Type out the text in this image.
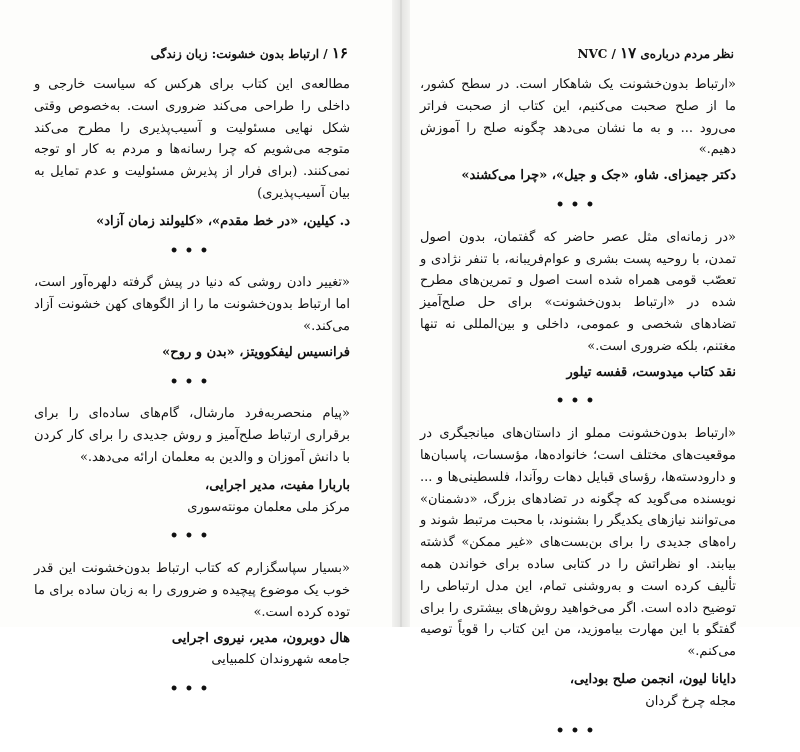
۱۶ / ارتباط بدون خشونت: زبان زندگی

مطالعه‌ی این کتاب برای هرکس که سیاست خارجی و داخلی را طراحی می‌کند ضروری است. به‌خصوص وقتی شکل نهایی مسئولیت و آسیب‌پذیری را مطرح می‌کند متوجه می‌شویم که چرا رسانه‌ها و مردم به کار او توجه نمی‌کنند. (برای فرار از پذیرش مسئولیت و عدم تمایل به بیان آسیب‌پذیری)

د. کیلین، «در خط مقدم»، «کلیولند زمان آزاد»

•••

«تغییر دادن روشی که دنیا در پیش گرفته دلهره‌آور است، اما ارتباط بدون‌خشونت ما را از الگوهای کهن خشونت آزاد می‌کند.»

فرانسیس لیفکوویتز، «بدن و روح»

•••

«پیام منحصربه‌فرد مارشال، گام‌های ساده‌ای را برای برقراری ارتباط صلح‌آمیز و روش جدیدی را برای کار کردن با دانش آموزان و والدین به معلمان ارائه می‌دهد.»

باربارا مفیت، مدیر اجرایی،

مرکز ملی معلمان مونته‌سوری

•••

«بسیار سپاسگزارم که کتاب ارتباط بدون‌خشونت این قدر خوب یک موضوع پیچیده و ضروری را به زبان ساده برای ما توده کرده است.»

هال دوبرون، مدیر، نیروی اجرایی

جامعه شهروندان کلمبیایی

•••
نظر مردم درباره‌ی NVC / ۱۷

«ارتباط بدون‌خشونت یک شاهکار است. در سطح کشور، ما از صلح صحبت می‌کنیم، این کتاب از صحبت فراتر می‌رود ... و به ما نشان می‌دهد چگونه صلح را آموزش دهیم.»

دکتر جیمزای. شاو، «جک و جیل»، «چرا می‌کشند»

•••

«در زمانه‌ای مثل عصر حاضر که گفتمان، بدون اصول تمدن، با روحیه پست بشری و عوام‌فریبانه، با تنفر نژادی و تعصّب قومی همراه شده است اصول و تمرین‌های مطرح شده در «ارتباط بدون‌خشونت» برای حل صلح‌آمیز تضادهای شخصی و عمومی، داخلی و بین‌المللی نه تنها مغتنم، بلکه ضروری است.»

نقد کتاب میدوست، قفسه تیلور

•••

«ارتباط بدون‌خشونت مملو از داستان‌های میانجیگری در موقعیت‌های مختلف است؛ خانواده‌ها، مؤسسات، پاسبان‌ها و دارودسته‌ها، رؤسای قبایل دهات روآندا، فلسطینی‌ها و ... نویسنده می‌گوید که چگونه در تضادهای بزرگ، «دشمنان» می‌توانند نیازهای یکدیگر را بشنوند، با محبت مرتبط شوند و راه‌های جدیدی را برای بن‌بست‌های «غیر ممکن» گذشته بیابند. او نظراتش را در کتابی ساده برای خواندن همه تألیف کرده است و به‌روشنی تمام، این مدل ارتباطی را توضیح داده است. اگر می‌خواهید روش‌های بیشتری را برای گفتگو با این مهارت بیاموزید، من این کتاب را قویاً توصیه می‌کنم.»

دایانا لیون، انجمن صلح بودایی،

مجله چرخ گردان

•••
